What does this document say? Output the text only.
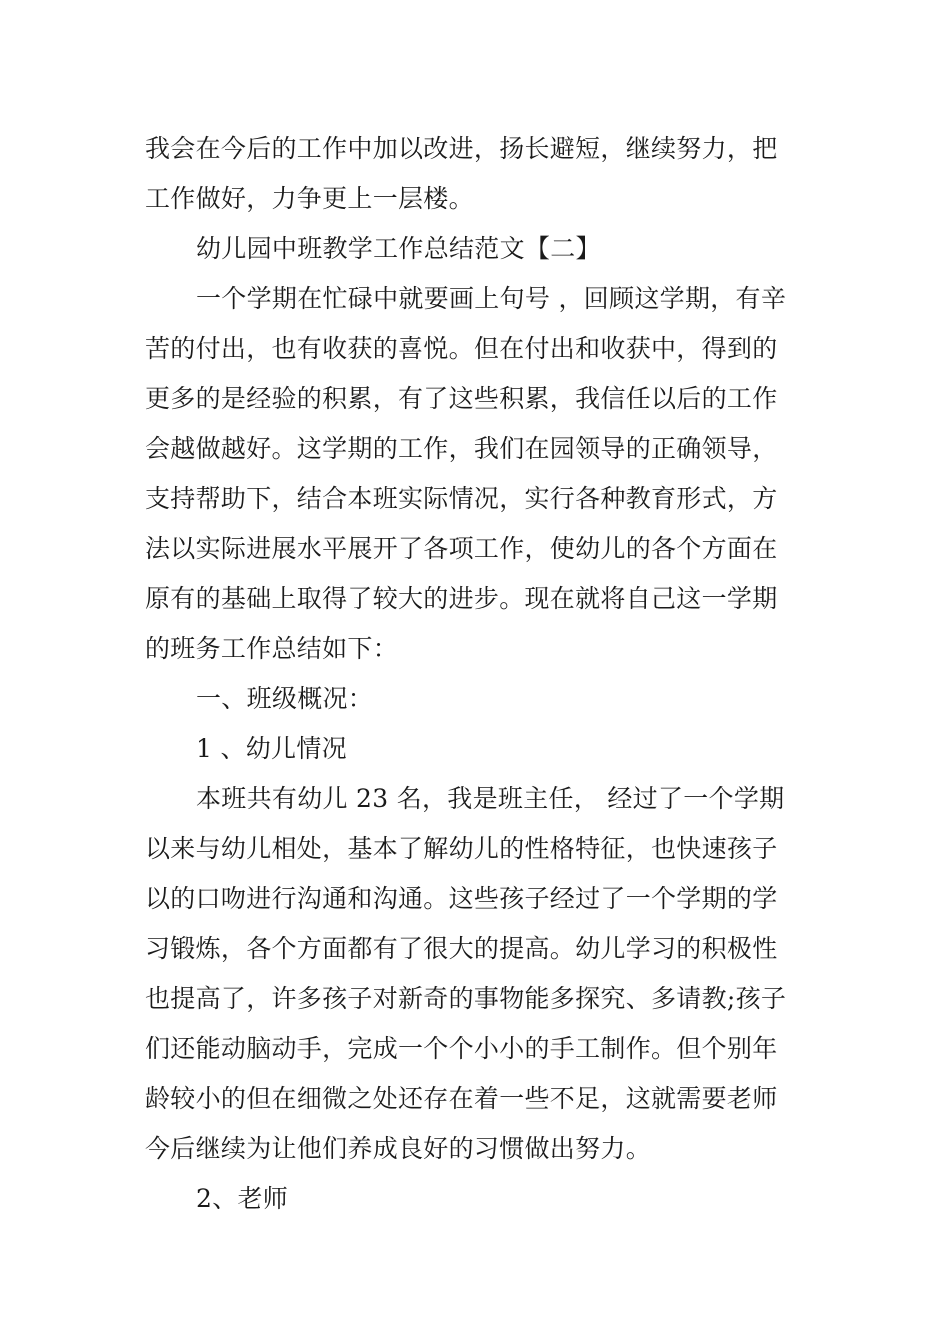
我会在今后的工作中加以改进，扬长避短，继续努力，把
工作做好，力争更上一层楼。
幼儿园中班教学工作总结范文【二】
一个学期在忙碌中就要画上句号 ，回顾这学期，有辛
苦的付出，也有收获的喜悦。但在付出和收获中，得到的
更多的是经验的积累，有了这些积累，我信任以后的工作
会越做越好。这学期的工作，我们在园领导的正确领导，
支持帮助下，结合本班实际情况，实行各种教育形式，方
法以实际进展水平展开了各项工作，使幼儿的各个方面在
原有的基础上取得了较大的进步。现在就将自己这一学期
的班务工作总结如下：
一、班级概况：
1 、幼儿情况
本班共有幼儿 23 名，我是班主任， 经过了一个学期
以来与幼儿相处，基本了解幼儿的性格特征，也快速孩子
以的口吻进行沟通和沟通。这些孩子经过了一个学期的学
习锻炼，各个方面都有了很大的提高。幼儿学习的积极性
也提高了，许多孩子对新奇的事物能多探究、多请教;孩子
们还能动脑动手，完成一个个小小的手工制作。但个别年
龄较小的但在细微之处还存在着一些不足，这就需要老师
今后继续为让他们养成良好的习惯做出努力。
2、老师
